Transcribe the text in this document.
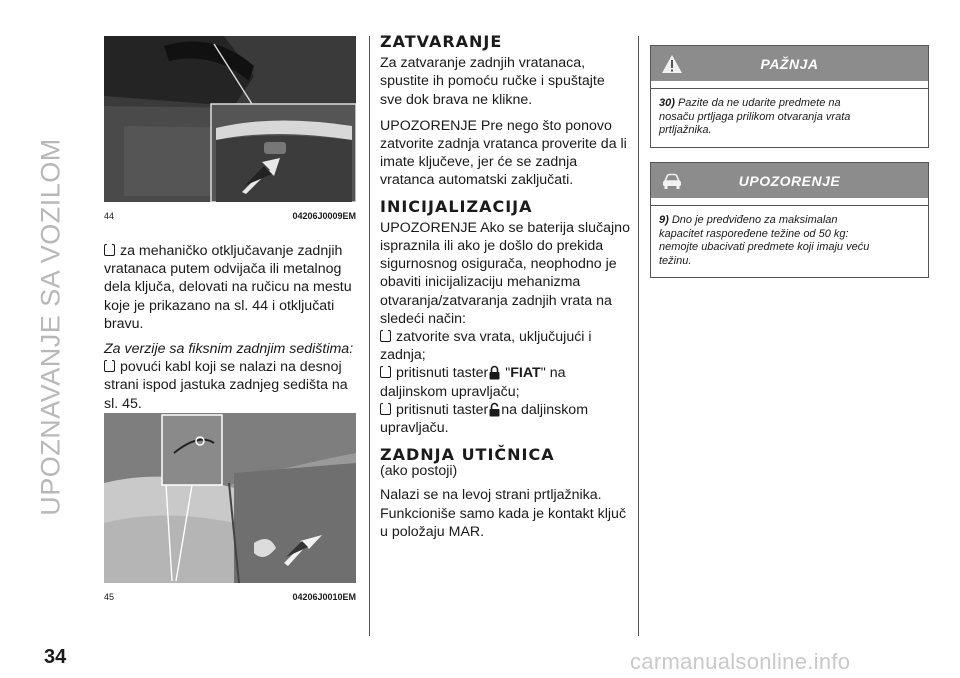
UPOZNAVANJE SA VOZILOM	44	04206J0009EM
45	04206J0010EM

za mehaničko otključavanje zadnjih
vratanaca putem odvijača ili metalnog
dela ključa, delovati na ručicu na mestu
koje je prikazano na sl. 44 i otključati
bravu.

Za verzije sa fiksnim zadnjim sedištima:

povući kabl koji se nalazi na desnoj
strani ispod jastuka zadnjeg sedišta na
sl. 45.

ZATVARANJE

Za zatvaranje zadnjih vratanaca,
spustite ih pomoću ručke i spuštajte
sve dok brava ne klikne.

UPOZORENJE Pre nego što ponovo
zatvorite zadnja vratanca proverite da li
imate ključeve, jer će se zadnja
vratanca automatski zaključati.

INICIJALIZACIJA

UPOZORENJE Ako se baterija slučajno
ispraznila ili ako je došlo do prekida
sigurnosnog osigurača, neophodno je
obaviti inicijalizaciju mehanizma
otvaranja/zatvaranja zadnjih vrata na
sledeći način:

zatvorite sva vrata, uključujući i
zadnja;

pritisnuti taster "FIAT" na
daljinskom upravljaču;

pritisnuti taster na daljinskom
upravljaču.

ZADNJA UTIČNICA

(ako postoji)

Nalazi se na levoj strani prtljažnika.
Funkcioniše samo kada je kontakt ključ
u položaju MAR.

PAŽNJA
30) Pazite da ne udarite predmete na
nosaču prtljaga prilikom otvaranja vrata
prtljažnika.
UPOZORENJE
9) Dno je predviđeno za maksimalan
kapacitet raspoređene težine od 50 kg:
nemojte ubacivati predmete koji imaju veću
težinu.
34	carmanualsonline.info
